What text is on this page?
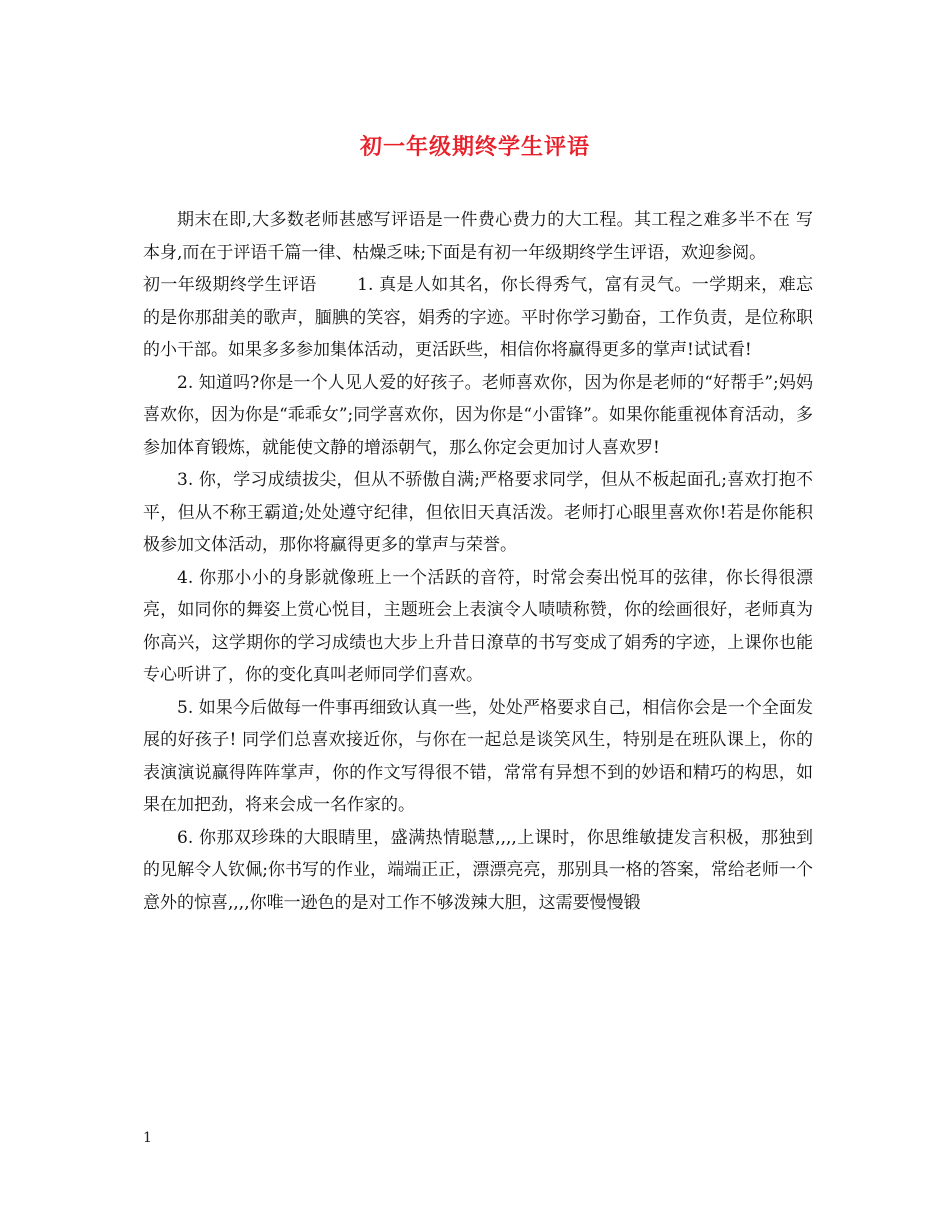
初一年级期终学生评语

期末在即,大多数老师甚感写评语是一件费心费力的大工程。其工程之难多半不在 写 本身,而在于评语千篇一律、枯燥乏味;下面是有初一年级期终学生评语，欢迎参阅。

初一年级期终学生评语　　 1. 真是人如其名，你长得秀气，富有灵气。一学期来，难忘的是你那甜美的歌声，腼腆的笑容，娟秀的字迹。平时你学习勤奋，工作负责，是位称职的小干部。如果多多参加集体活动，更活跃些，相信你将赢得更多的掌声!试试看!

2. 知道吗?你是一个人见人爱的好孩子。老师喜欢你，因为你是老师的“好帮手”;妈妈喜欢你，因为你是“乖乖女”;同学喜欢你，因为你是“小雷锋”。如果你能重视体育活动，多参加体育锻炼，就能使文静的增添朝气，那么你定会更加讨人喜欢罗!

3. 你，学习成绩拔尖，但从不骄傲自满;严格要求同学，但从不板起面孔;喜欢打抱不平，但从不称王霸道;处处遵守纪律，但依旧天真活泼。老师打心眼里喜欢你!若是你能积极参加文体活动，那你将赢得更多的掌声与荣誉。

4. 你那小小的身影就像班上一个活跃的音符，时常会奏出悦耳的弦律，你长得很漂亮，如同你的舞姿上赏心悦目，主题班会上表演令人啧啧称赞，你的绘画很好，老师真为你高兴，这学期你的学习成绩也大步上升昔日潦草的书写变成了娟秀的字迹，上课你也能专心听讲了，你的变化真叫老师同学们喜欢。

5. 如果今后做每一件事再细致认真一些，处处严格要求自己，相信你会是一个全面发展的好孩子! 同学们总喜欢接近你，与你在一起总是谈笑风生，特别是在班队课上，你的表演演说赢得阵阵掌声，你的作文写得很不错，常常有异想不到的妙语和精巧的构思，如果在加把劲，将来会成一名作家的。

6. 你那双珍珠的大眼睛里，盛满热情聪慧,,,,上课时，你思维敏捷发言积极，那独到的见解令人钦佩;你书写的作业，端端正正，漂漂亮亮，那别具一格的答案，常给老师一个意外的惊喜,,,,你唯一逊色的是对工作不够泼辣大胆，这需要慢慢锻

1
